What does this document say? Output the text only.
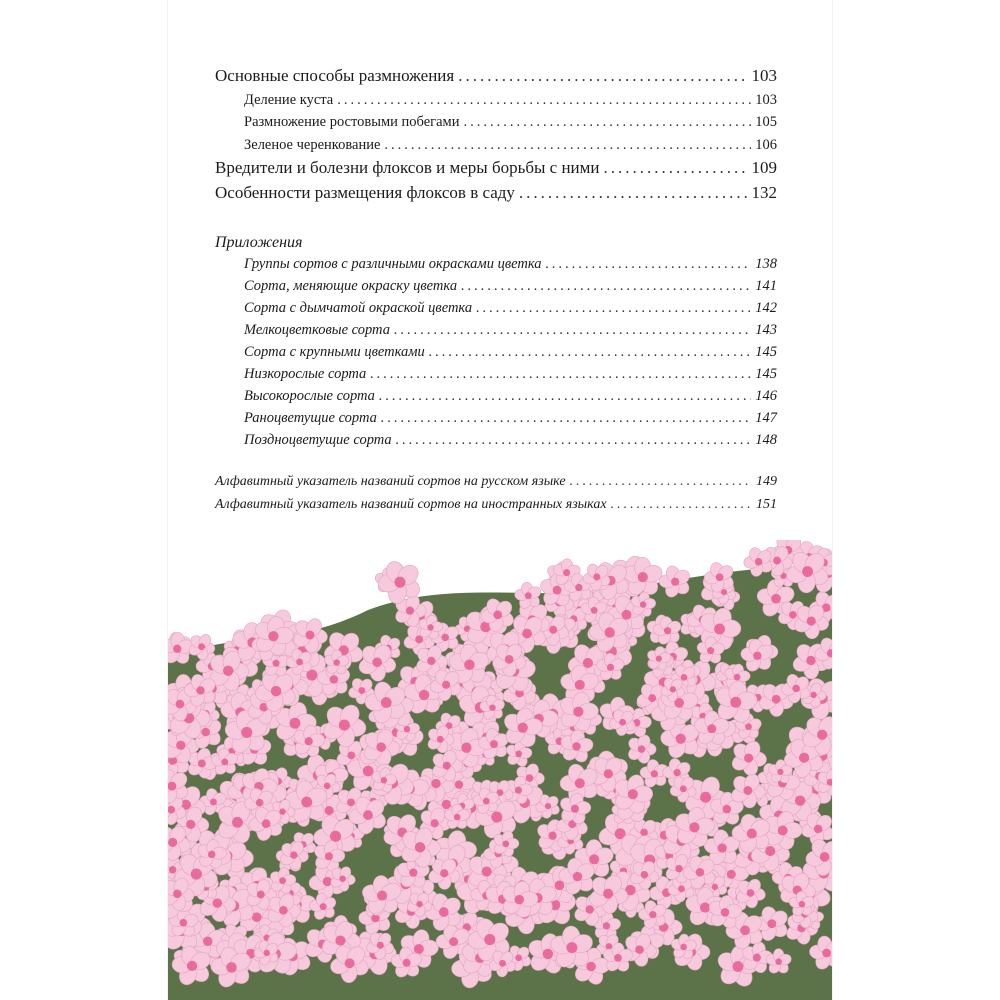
Основные способы размножения .....	103
Деление куста .....	103
Размножение ростовыми побегами .....	105
Зеленое черенкование .....	106
Вредители и болезни флоксов и меры борьбы с ними .....	109
Особенности размещения флоксов в саду .....	132
Приложения
Группы сортов с различными окрасками цветка .....	138
Сорта, меняющие окраску цветка .....	141
Сорта с дымчатой окраской цветка .....	142
Мелкоцветковые сорта .....	143
Сорта с крупными цветками .....	145
Низкорослые сорта .....	145
Высокорослые сорта .....	146
Раноцветущие сорта .....	147
Поздноцветущие сорта .....	148
Алфавитный указатель названий сортов на русском языке .....	149
Алфавитный указатель названий сортов на иностранных языках .....	151
